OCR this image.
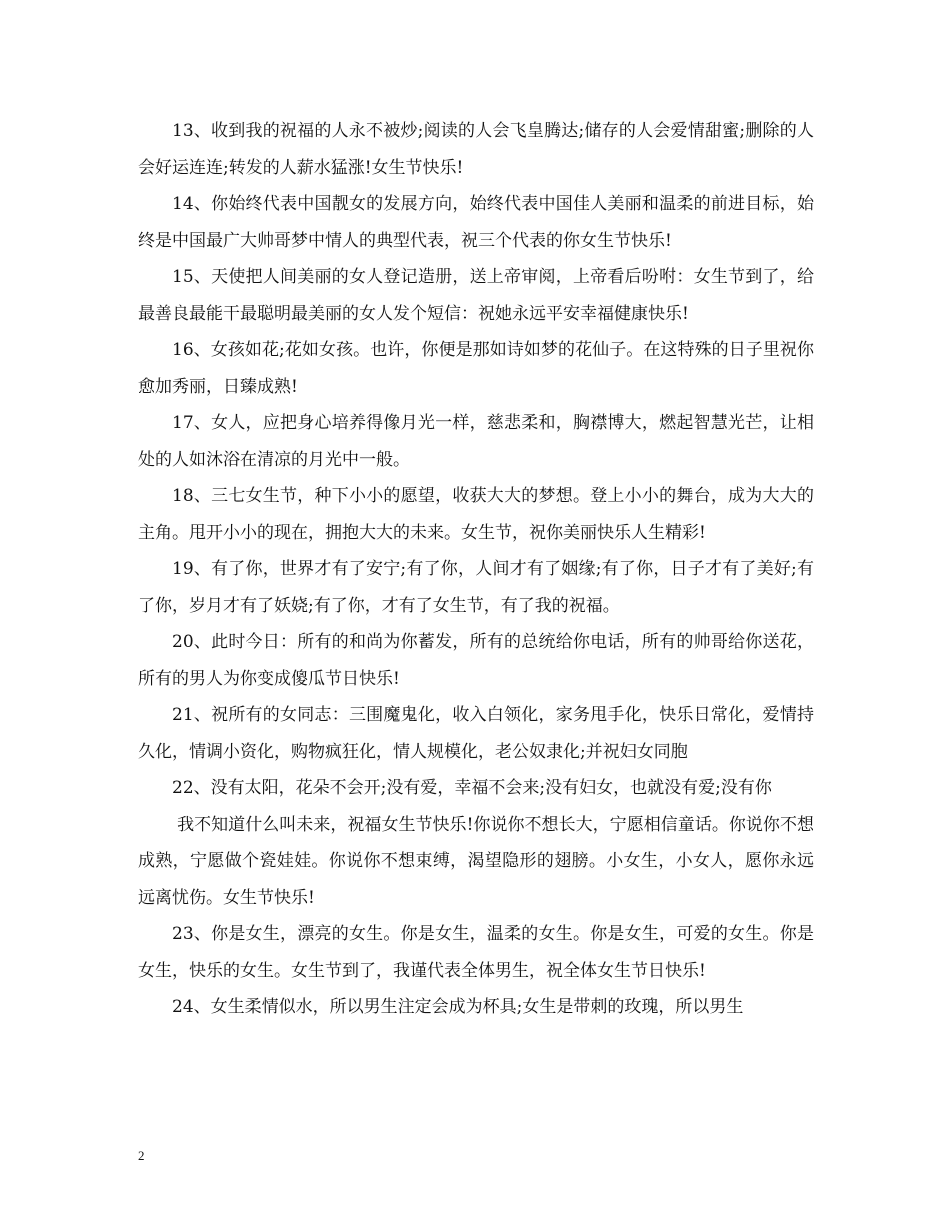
13、收到我的祝福的人永不被炒;阅读的人会飞皇腾达;储存的人会爱情甜蜜;删除的人会好运连连;转发的人薪水猛涨!女生节快乐!

14、你始终代表中国靓女的发展方向，始终代表中国佳人美丽和温柔的前进目标，始终是中国最广大帅哥梦中情人的典型代表，祝三个代表的你女生节快乐!

15、天使把人间美丽的女人登记造册，送上帝审阅，上帝看后吩咐：女生节到了，给最善良最能干最聪明最美丽的女人发个短信：祝她永远平安幸福健康快乐!

16、女孩如花;花如女孩。也许，你便是那如诗如梦的花仙子。在这特殊的日子里祝你愈加秀丽，日臻成熟!

17、女人，应把身心培养得像月光一样，慈悲柔和，胸襟博大，燃起智慧光芒，让相处的人如沐浴在清凉的月光中一般。

18、三七女生节，种下小小的愿望，收获大大的梦想。登上小小的舞台，成为大大的主角。甩开小小的现在，拥抱大大的未来。女生节，祝你美丽快乐人生精彩!

19、有了你，世界才有了安宁;有了你，人间才有了姻缘;有了你，日子才有了美好;有了你，岁月才有了妖娆;有了你，才有了女生节，有了我的祝福。

20、此时今日：所有的和尚为你蓄发，所有的总统给你电话，所有的帅哥给你送花，所有的男人为你变成傻瓜节日快乐!

21、祝所有的女同志：三围魔鬼化，收入白领化，家务甩手化，快乐日常化，爱情持久化，情调小资化，购物疯狂化，情人规模化，老公奴隶化;并祝妇女同胞

22、没有太阳，花朵不会开;没有爱，幸福不会来;没有妇女，也就没有爱;没有你

我不知道什么叫未来，祝福女生节快乐!你说你不想长大，宁愿相信童话。你说你不想成熟，宁愿做个瓷娃娃。你说你不想束缚，渴望隐形的翅膀。小女生，小女人，愿你永远远离忧伤。女生节快乐!

23、你是女生，漂亮的女生。你是女生，温柔的女生。你是女生，可爱的女生。你是女生，快乐的女生。女生节到了，我谨代表全体男生，祝全体女生节日快乐!

24、女生柔情似水，所以男生注定会成为杯具;女生是带刺的玫瑰，所以男生

2
